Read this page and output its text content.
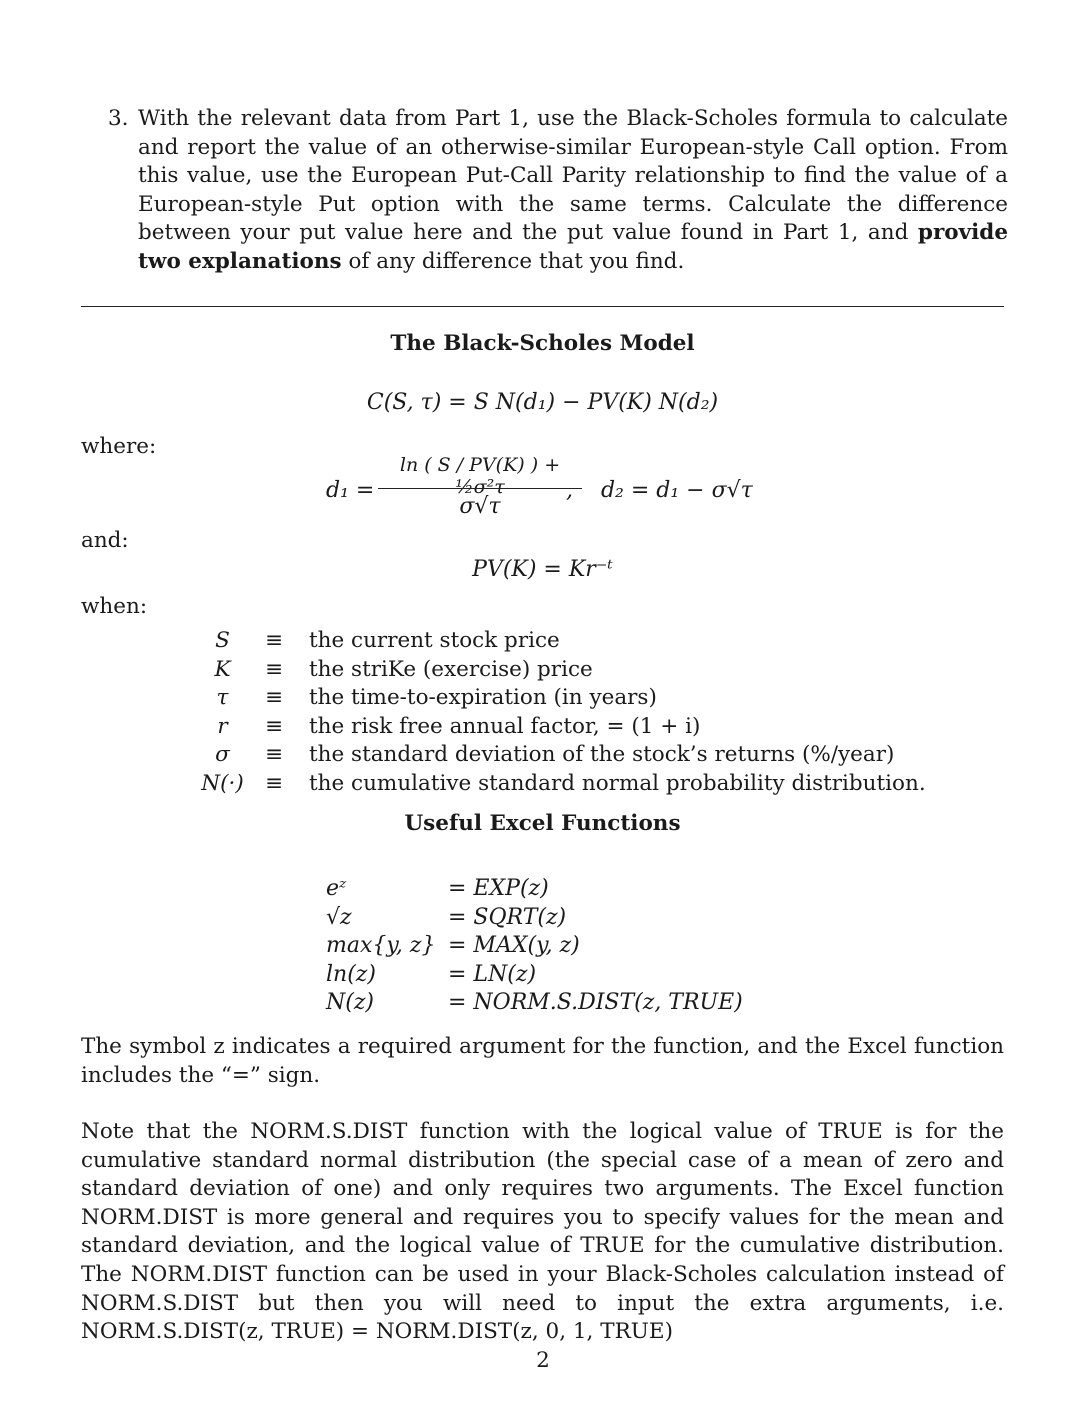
3. With the relevant data from Part 1, use the Black-Scholes formula to calculate and report the value of an otherwise-similar European-style Call option. From this value, use the European Put-Call Parity relationship to find the value of a European-style Put option with the same terms. Calculate the difference between your put value here and the put value found in Part 1, and provide two explanations of any difference that you find.
The Black-Scholes Model
C(S, τ) = S N(d₁) − PV(K) N(d₂)
where:
d₁ =
ln ( S / PV(K) ) + ½σ²τ
σ√τ
,    d₂ = d₁ − σ√τ
and:
PV(K) = Kr⁻ᵗ
when:
S	≡ the current stock price
K	≡ the striKe (exercise) price
τ	≡ the time-to-expiration (in years)
r	≡ the risk free annual factor, = (1 + i)
σ	≡ the standard deviation of the stock’s returns (%/year)
N(·) ≡ the cumulative standard normal probability distribution.
Useful Excel Functions
eᶻ	= EXP(z)
√z	= SQRT(z)
max{y, z} = MAX(y, z)
ln(z)	= LN(z)
N(z)	= NORM.S.DIST(z, TRUE)
The symbol z indicates a required argument for the function, and the Excel function includes the “=” sign.
Note that the NORM.S.DIST function with the logical value of TRUE is for the cumulative standard normal distribution (the special case of a mean of zero and standard deviation of one) and only requires two arguments. The Excel function NORM.DIST is more general and requires you to specify values for the mean and standard deviation, and the logical value of TRUE for the cumulative distribution. The NORM.DIST function can be used in your Black-Scholes calculation instead of NORM.S.DIST but then you will need to input the extra arguments, i.e. NORM.S.DIST(z, TRUE) = NORM.DIST(z, 0, 1, TRUE)
2
